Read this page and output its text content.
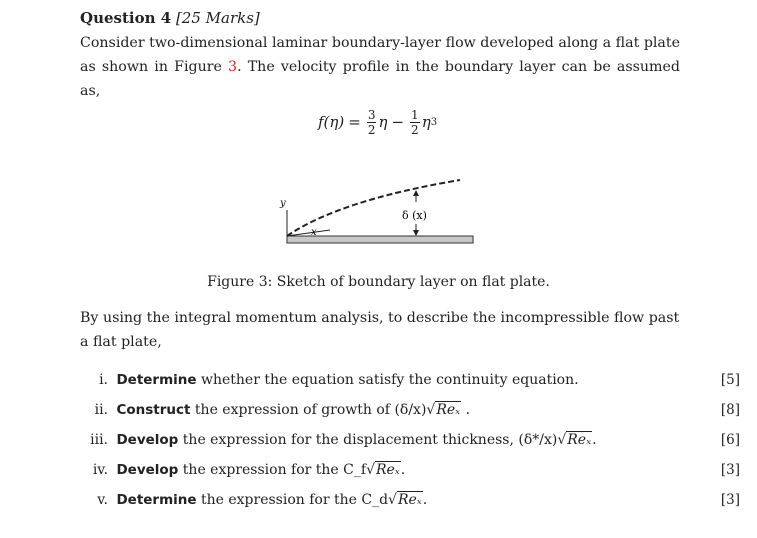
Question 4 [25 Marks]
Consider two-dimensional laminar boundary-layer flow developed along a flat plate as shown in Figure 3. The velocity profile in the boundary layer can be assumed as,
$f(\eta) = \frac{3}{2}$ $\eta - \frac{1}{2}$ η 3
y
x
δ (x)
Figure 3: Sketch of boundary layer on flat plate.
By using the integral momentum analysis, to describe the incompressible flow past a flat plate,
i. Determine whether the equation satisfy the continuity equation.	[5]
ii. Construct the expression of growth of (δ/x)√Reₓ .	[8]
iii. Develop the expression for the displacement thickness, (δ*/x)√Reₓ.	[6]
iv. Develop the expression for the C_f√Reₓ.	[3]
v. Determine the expression for the C_d√Reₓ.	[3]
